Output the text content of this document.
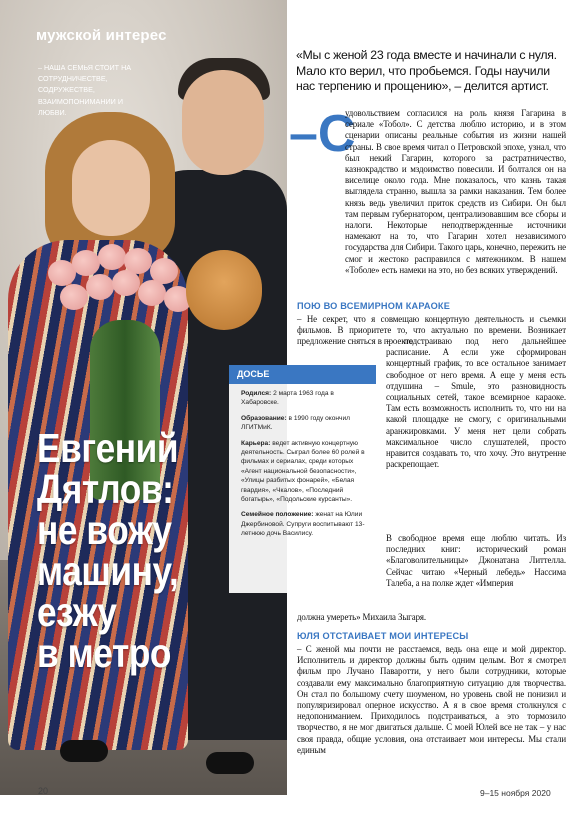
мужской интерес
– НАША СЕМЬЯ СТОИТ НА СОТРУДНИЧЕСТВЕ, СОДРУЖЕСТВЕ, ВЗАИМОПОНИМАНИИ И ЛЮБВИ.
Евгений
Дятлов:
не вожу
машину,
езжу
в метро
ДОСЬЕ
Родился: 2 марта 1963 года в Хабаровске.
Образование: в 1990 году окончил ЛГИТМиК.
Карьера: ведет активную концертную деятельность. Сыграл более 60 ролей в фильмах и сериалах, среди которых «Агент национальной безопасности», «Улицы разбитых фонарей», «Белая гвардия», «Чкалов», «Последний богатырь», «Подольские курсанты».
Семейное положение: женат на Юлии Джербиновой. Супруги воспитывают 13-летнюю дочь Василису.
«Мы с женой 23 года вместе и начинали с нуля. Мало кто верил, что пробьемся. Годы научили нас терпению и прощению», – делится артист.
–С
удовольствием согласился на роль князя Гагарина в сериале «Тобол». С детства люблю историю, и в этом сценарии описаны реальные события из жизни нашей страны. В свое время читал о Петровской эпохе, узнал, что был некий Гагарин, которого за растратничество, казнокрадство и мздоимство повесили. И болтался он на виселице около года. Мне показалось, что казнь такая выглядела странно, вышла за рамки наказания. Тем более князь ведь увеличил приток средств из Сибири. Он был там первым губернатором, централизовавшим все сборы и налоги. Некоторые неподтвержденные источники намекают на то, что Гагарин хотел независимого государства для Сибири. Такого царь, конечно, пережить не смог и жестоко расправился с мятежником. В нашем «Тоболе» есть намеки на это, но без всяких утверждений.
ПОЮ ВО ВСЕМИРНОМ КАРАОКЕ
– Не секрет, что я совмещаю концертную деятельность и съемки фильмов. В приоритете то, что актуально по времени. Возникает предложение сняться в проекте
– подстраиваю под него дальнейшее расписание. А если уже сформирован концертный график, то все остальное занимает свободное от него время. А еще у меня есть отдушина – Smule, это разновидность социальных сетей, такое всемирное караоке. Там есть возможность исполнить то, что ни на какой площадке не смогу, с оригинальными аранжировками. У меня нет цели собрать максимальное число слушателей, просто нравится создавать то, что хочу. Это внутренне раскрепощает.
В свободное время еще люблю читать. Из последних книг: исторический роман «Благоволительницы» Джонатана Литтелла. Сейчас читаю «Черный лебедь» Нассима Талеба, а на полке ждет «Империя
должна умереть» Михаила Зыгаря.
ЮЛЯ ОТСТАИВАЕТ МОИ ИНТЕРЕСЫ
– С женой мы почти не расстаемся, ведь она еще и мой директор. Исполнитель и директор должны быть одним целым. Вот я смотрел фильм про Лучано Паваротти, у него были сотрудники, которые создавали ему максимально благоприятную ситуацию для творчества. Он стал по большому счету шоуменом, но уровень свой не понизил и популяризировал оперное искусство. А я в свое время столкнулся с недопониманием. Приходилось подстраиваться, а это тормозило творчество, я не мог двигаться дальше. С моей Юлей все не так – у нас своя правда, общие условия, она отстаивает мои интересы. Мы стали единым
20	9–15 ноября 2020
